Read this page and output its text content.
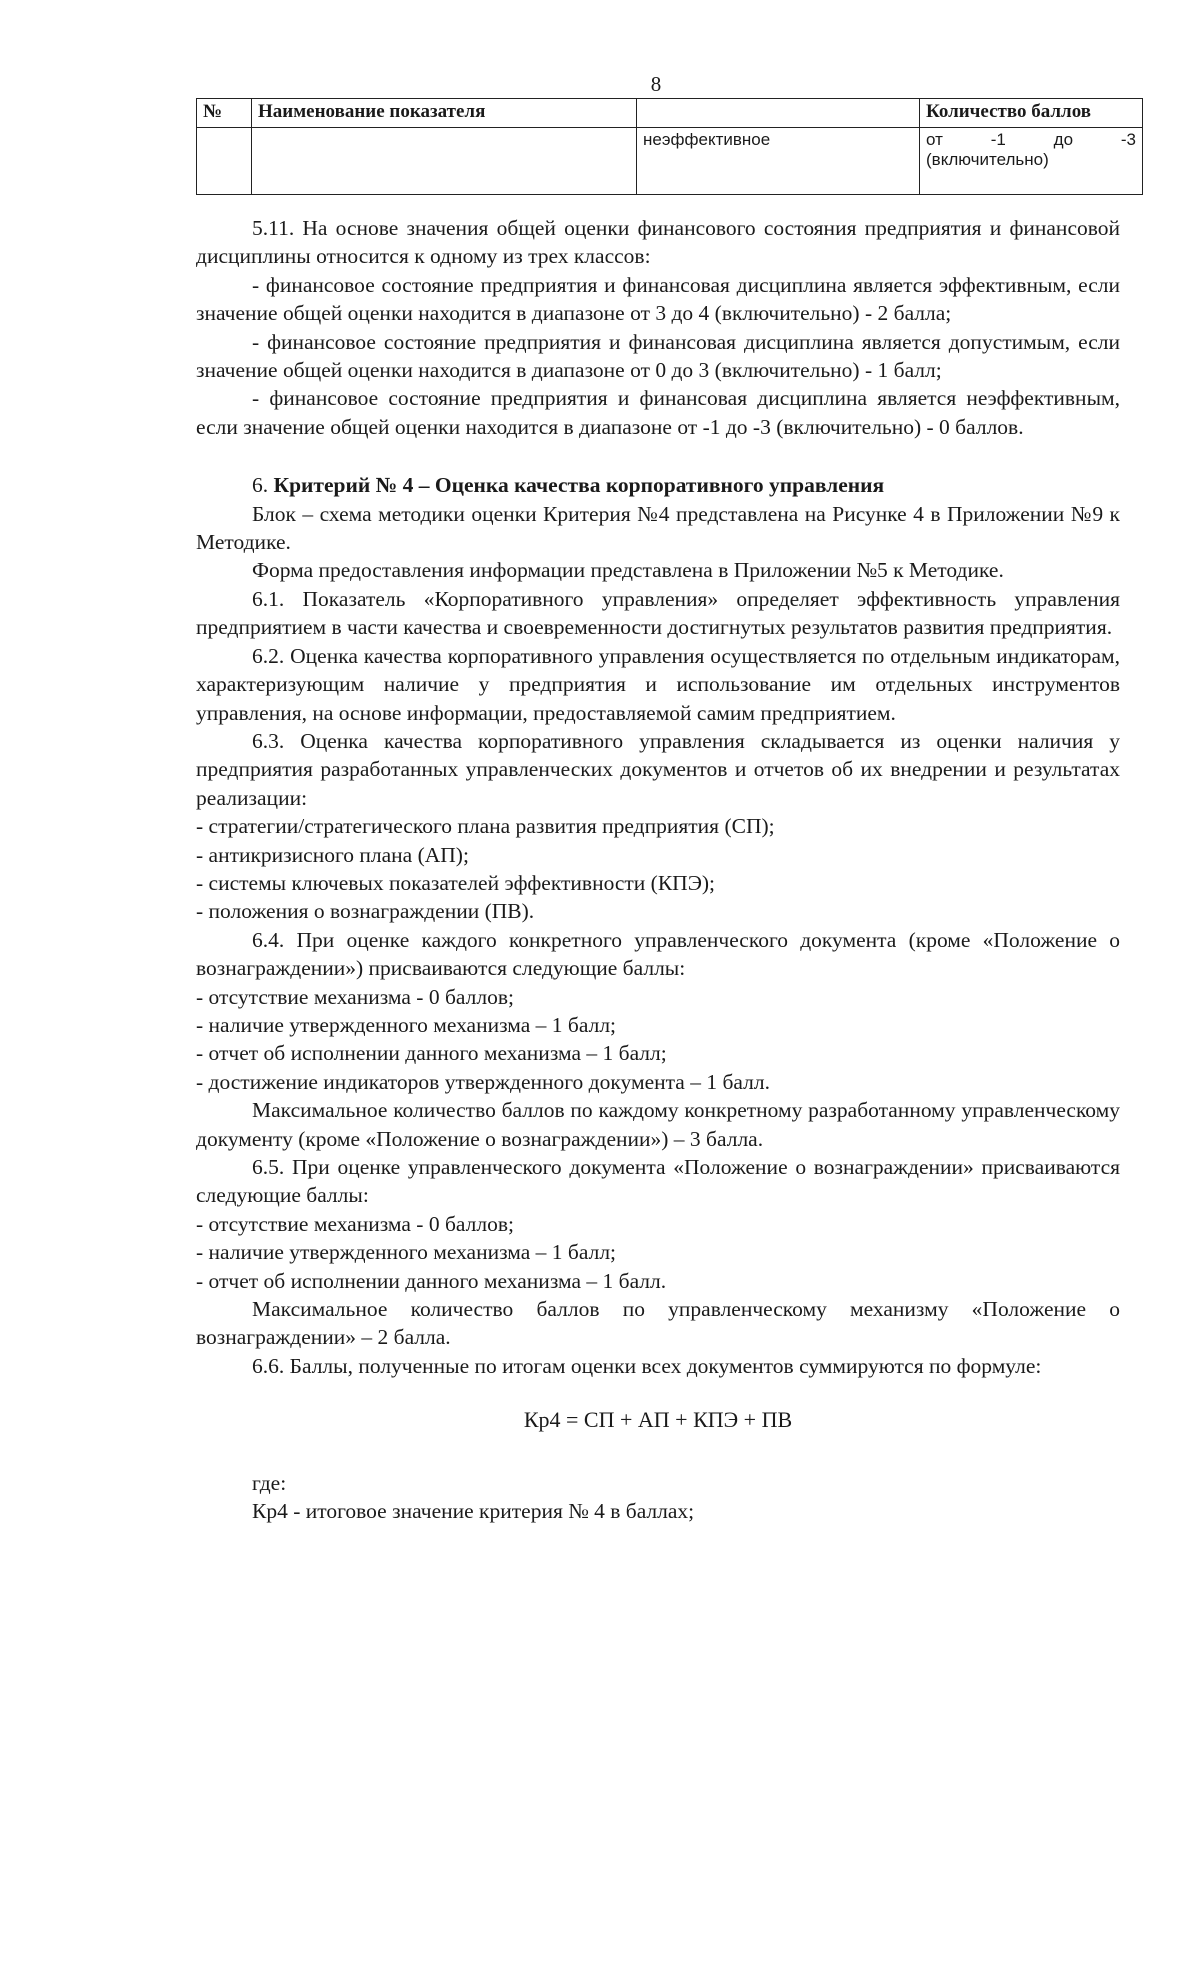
8
№	Наименование показателя		Количество баллов
		неэффективное	от -1 до -3
(включительно)

5.11. На основе значения общей оценки финансового состояния предприятия и финансовой дисциплины относится к одному из трех классов:

- финансовое состояние предприятия и финансовая дисциплина является эффективным, если значение общей оценки находится в диапазоне от 3 до 4 (включительно) - 2 балла;

- финансовое состояние предприятия и финансовая дисциплина является допустимым, если значение общей оценки находится в диапазоне от 0 до 3 (включительно) - 1 балл;

- финансовое состояние предприятия и финансовая дисциплина является неэффективным, если значение общей оценки находится в диапазоне от -1 до -3 (включительно) - 0 баллов.

6. Критерий № 4 – Оценка качества корпоративного управления

Блок – схема методики оценки Критерия №4 представлена на Рисунке 4 в Приложении №9 к Методике.

Форма предоставления информации представлена в Приложении №5 к Методике.

6.1. Показатель «Корпоративного управления» определяет эффективность управления предприятием в части качества и своевременности достигнутых результатов развития предприятия.

6.2. Оценка качества корпоративного управления осуществляется по отдельным индикаторам, характеризующим наличие у предприятия и использование им отдельных инструментов управления, на основе информации, предоставляемой самим предприятием.

6.3. Оценка качества корпоративного управления складывается из оценки наличия у предприятия разработанных управленческих документов и отчетов об их внедрении и результатах реализации:

- стратегии/стратегического плана развития предприятия (СП);

- антикризисного плана (АП);

- системы ключевых показателей эффективности (КПЭ);

- положения о вознаграждении (ПВ).

6.4. При оценке каждого конкретного управленческого документа (кроме «Положение о вознаграждении») присваиваются следующие баллы:

- отсутствие механизма - 0 баллов;

- наличие утвержденного механизма – 1 балл;

- отчет об исполнении данного механизма – 1 балл;

- достижение индикаторов утвержденного документа – 1 балл.

Максимальное количество баллов по каждому конкретному разработанному управленческому документу (кроме «Положение о вознаграждении») – 3 балла.

6.5. При оценке управленческого документа «Положение о вознаграждении» присваиваются следующие баллы:

- отсутствие механизма - 0 баллов;

- наличие утвержденного механизма – 1 балл;

- отчет об исполнении данного механизма – 1 балл.

Максимальное количество баллов по управленческому механизму «Положение о вознаграждении» – 2 балла.

6.6. Баллы, полученные по итогам оценки всех документов суммируются по формуле:

Кр4 = СП + АП + КПЭ + ПВ

где:

Кр4 - итоговое значение критерия № 4 в баллах;
